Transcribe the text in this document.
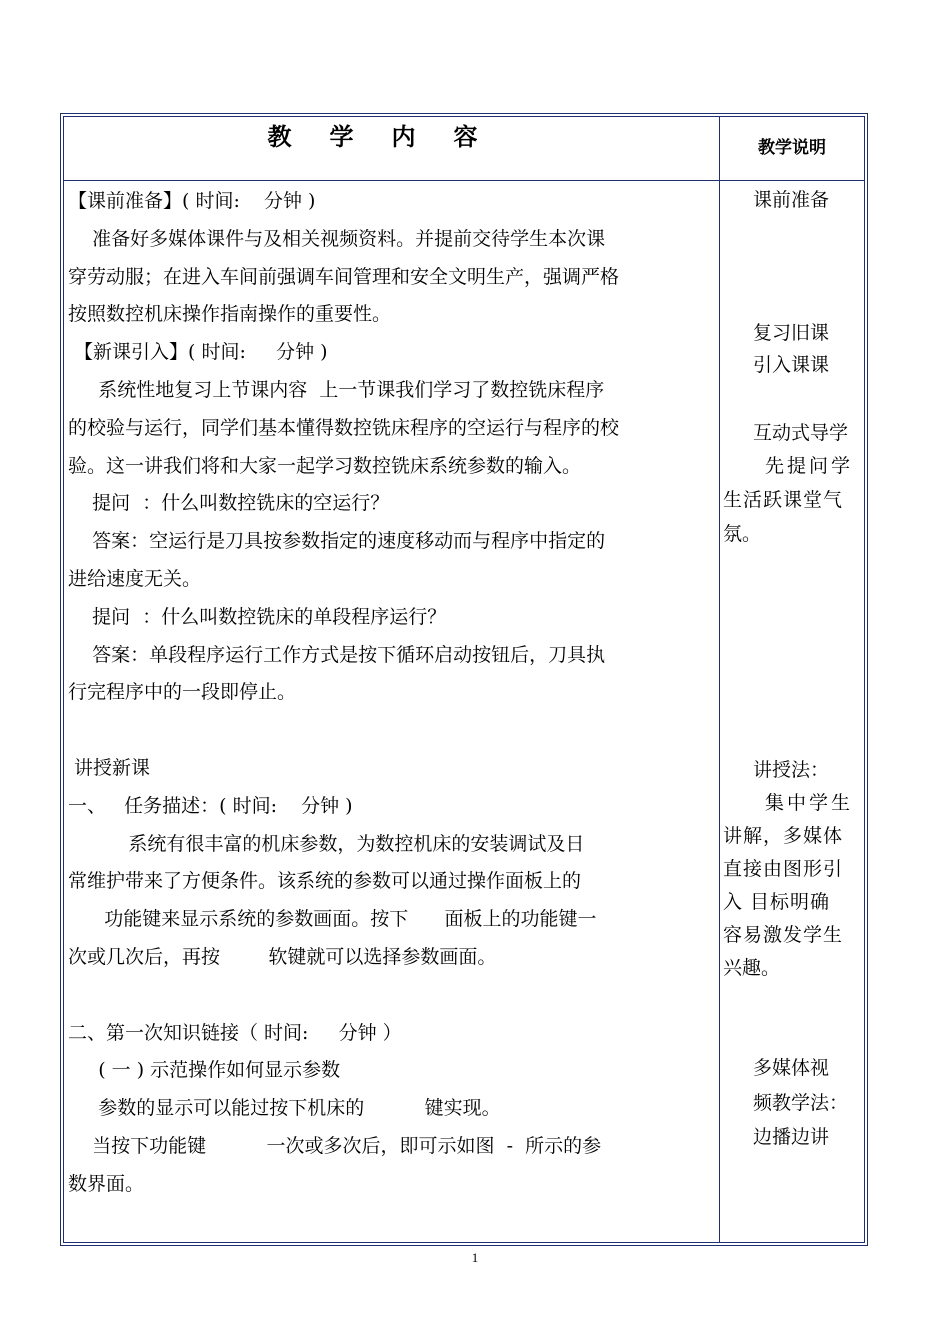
教学内容	教学说明
【课前准备】( 时间:    分钟 )
准备好多媒体课件与及相关视频资料。并提前交待学生本次课
穿劳动服；在进入车间前强调车间管理和安全文明生产，强调严格
按照数控机床操作指南操作的重要性。
【新课引入】( 时间:     分钟 )
系统性地复习上节课内容  上一节课我们学习了数控铣床程序
的校验与运行，同学们基本懂得数控铣床程序的空运行与程序的校
验。这一讲我们将和大家一起学习数控铣床系统参数的输入。
提问  ：什么叫数控铣床的空运行？
答案：空运行是刀具按参数指定的速度移动而与程序中指定的
进给速度无关。
提问  ：什么叫数控铣床的单段程序运行？
答案：单段程序运行工作方式是按下循环启动按钮后，刀具执
行完程序中的一段即停止。
讲授新课
一、   任务描述：( 时间:    分钟 )
系统有很丰富的机床参数，为数控机床的安装调试及日
常维护带来了方便条件。该系统的参数可以通过操作面板上的
功能键来显示系统的参数画面。按下      面板上的功能键一
次或几次后，再按        软键就可以选择参数画面。
二、第一次知识链接（ 时间:     分钟 ）
( 一 ) 示范操作如何显示参数
参数的显示可以能过按下机床的          键实现。
当按下功能键          一次或多次后，即可示如图  -  所示的参
数界面。
课前准备
复习旧课
引入课课
互动式导学
先提问学
生活跃课堂气
氛。
讲授法：
集中学生
讲解，多媒体
直接由图形引
入 目标明确
容易激发学生
兴趣。
多媒体视
频教学法：
边播边讲
1
